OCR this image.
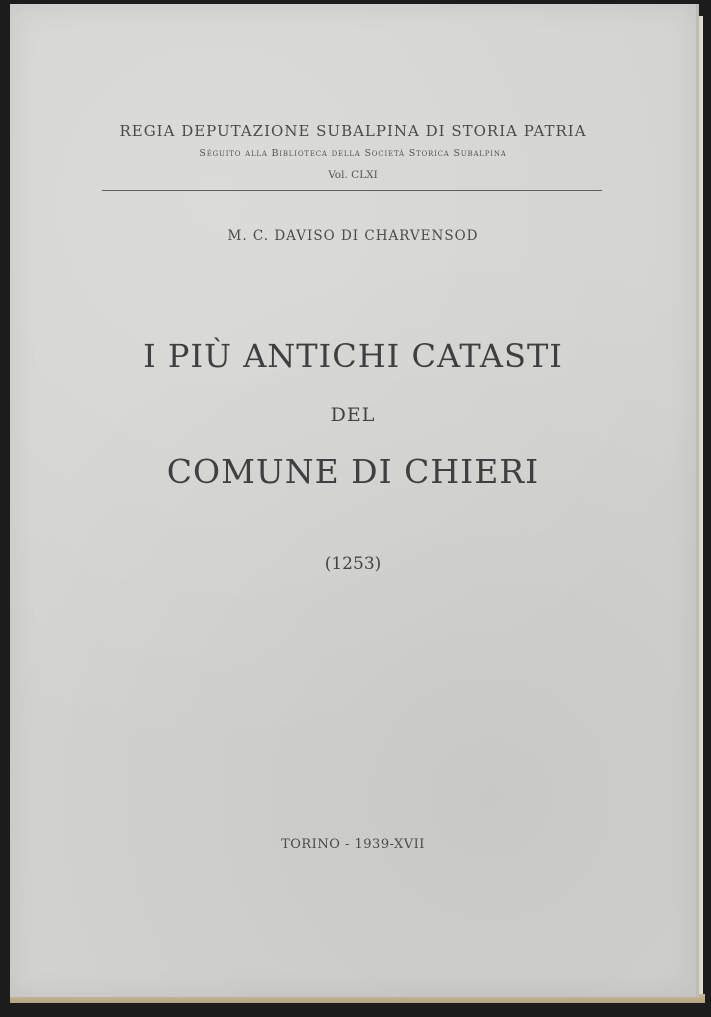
REGIA DEPUTAZIONE SUBALPINA DI STORIA PATRIA
Séguito alla Biblioteca della Società Storica Subalpina
Vol. CLXI
M. C. DAVISO DI CHARVENSOD
I PIÙ ANTICHI CATASTI
DEL
COMUNE DI CHIERI
(1253)
TORINO - 1939-XVII
